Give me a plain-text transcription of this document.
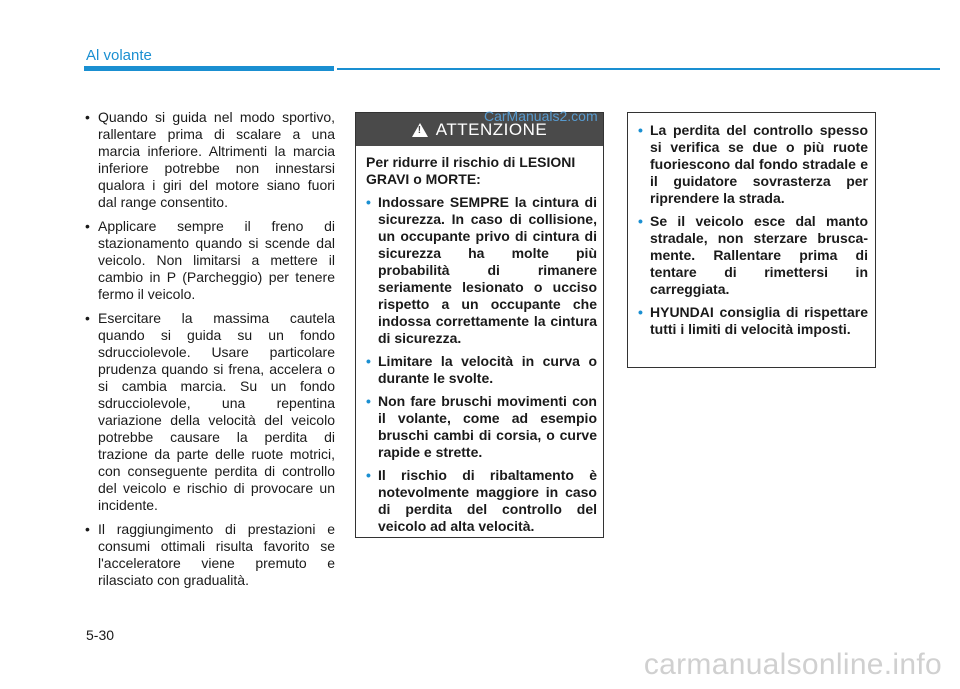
Al volante
• Quando si guida nel modo sportivo, rallentare prima di scalare a una marcia inferiore. Altrimenti la marcia inferiore potrebbe non innestarsi qualora i giri del motore siano fuori dal range consentito.
• Applicare sempre il freno di stazionamento quando si scende dal veicolo. Non limitarsi a mettere il cambio in P (Parcheggio) per tenere fermo il veicolo.
• Esercitare la massima cautela quando si guida su un fondo sdrucciolevole. Usare particolare prudenza quando si frena, accelera o si cambia marcia. Su un fondo sdrucciolevole, una repentina variazione della velocità del veicolo potrebbe causare la perdita di trazione da parte delle ruote motrici, con conseguente perdita di controllo del veicolo e rischio di provocare un incidente.
• Il raggiungimento di prestazioni e consumi ottimali risulta favorito se l'acceleratore viene premuto e rilasciato con gradualità.
! ATTENZIONE
Per ridurre il rischio di LESIONI GRAVI o MORTE:
• Indossare SEMPRE la cintura di sicurezza. In caso di collisione, un occupante privo di cintura di sicurezza ha molte più probabilità di rimanere seriamente lesionato o ucciso rispetto a un occupante che indossa correttamente la cintura di sicurezza.
• Limitare la velocità in curva o durante le svolte.
• Non fare bruschi movimenti con il volante, come ad esempio bruschi cambi di corsia, o curve rapide e strette.
• Il rischio di ribaltamento è notevolmente maggiore in caso di perdita del controllo del veicolo ad alta velocità.
• La perdita del controllo spesso si verifica se due o più ruote fuoriescono dal fondo stradale e il guidatore sovrasterza per riprendere la strada.
• Se il veicolo esce dal manto stradale, non sterzare brusca-mente. Rallentare prima di tentare di rimettersi in carreggiata.
• HYUNDAI consiglia di rispettare tutti i limiti di velocità imposti.
CarManuals2.com
5-30
carmanualsonline.info
